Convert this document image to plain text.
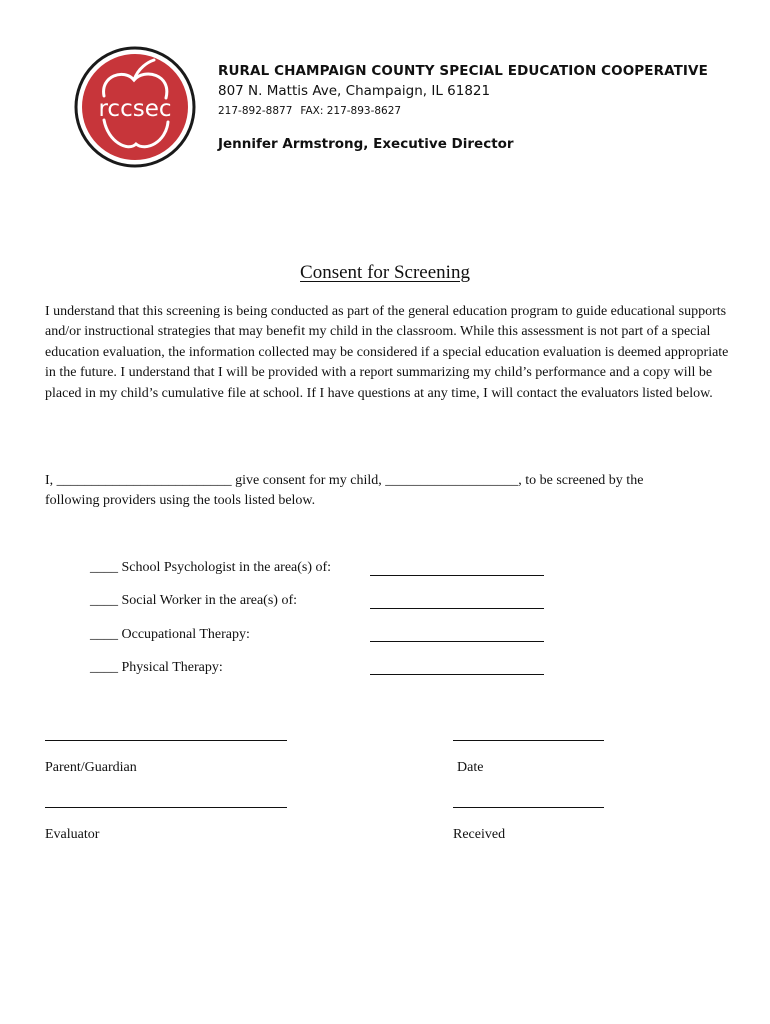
rccsec
RURAL CHAMPAIGN COUNTY SPECIAL EDUCATION COOPERATIVE
807 N. Mattis Ave, Champaign, IL 61821
217-892-8877 FAX: 217-893-8627
Jennifer Armstrong, Executive Director
Consent for Screening
I understand that this screening is being conducted as part of the general education program to guide educational supports and/or instructional strategies that may benefit my child in the classroom. While this assessment is not part of a special education evaluation, the information collected may be considered if a special education evaluation is deemed appropriate in the future. I understand that I will be provided with a report summarizing my child’s performance and a copy will be placed in my child’s cumulative file at school. If I have questions at any time, I will contact the evaluators listed below.
I, _________________________ give consent for my child, ___________________, to be screened by the
following providers using the tools listed below.
____ School Psychologist in the area(s) of:
____ Social Worker in the area(s) of:
____ Occupational Therapy:
____ Physical Therapy:
Parent/Guardian	Date
Evaluator	Received
